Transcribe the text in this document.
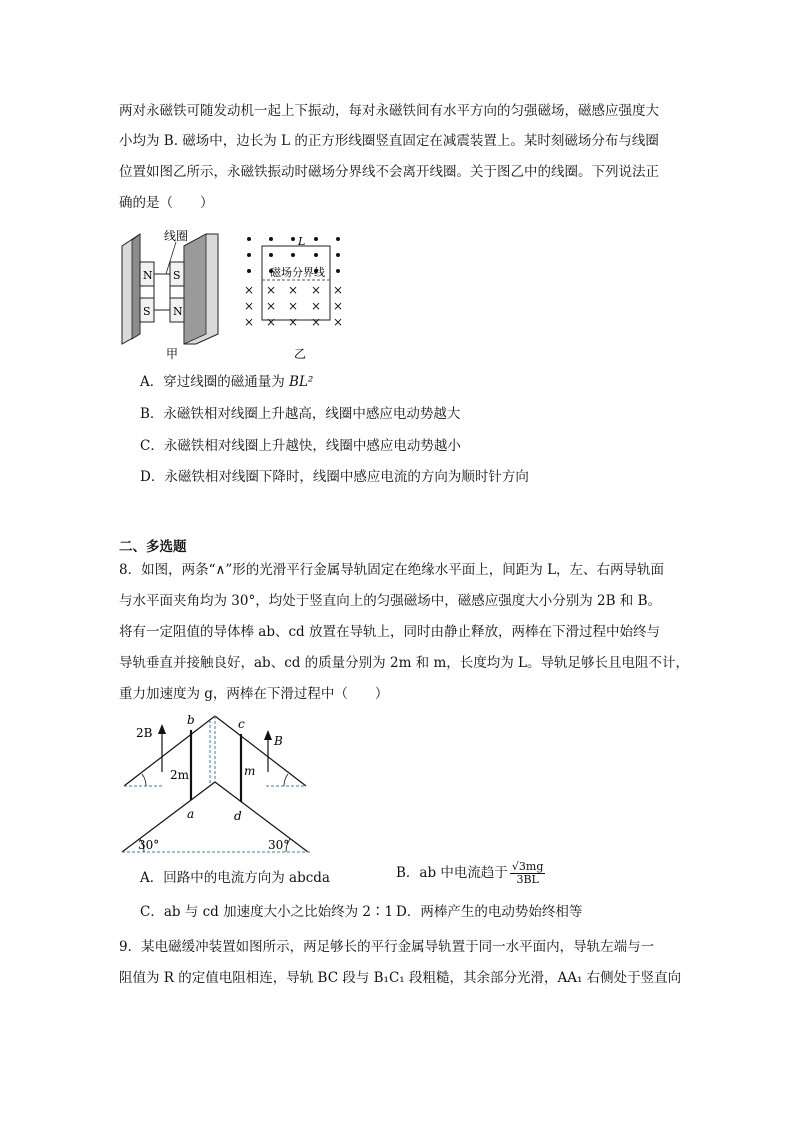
两对永磁铁可随发动机一起上下振动，每对永磁铁间有水平方向的匀强磁场，磁感应强度大
小均为 B. 磁场中，边长为 L 的正方形线圈竖直固定在减震装置上。某时刻磁场分布与线圈
位置如图乙所示，永磁铁振动时磁场分界线不会离开线圈。关于图乙中的线圈。下列说法正
确的是（　　）
线圈
N S
S N
甲
× × × × ×
× × × × ×
× × × × ×
L
磁场分界线
乙
A．穿过线圈的磁通量为 BL²
B．永磁铁相对线圈上升越高，线圈中感应电动势越大
C．永磁铁相对线圈上升越快，线圈中感应电动势越小
D．永磁铁相对线圈下降时，线圈中感应电流的方向为顺时针方向
二、多选题
8．如图，两条“∧”形的光滑平行金属导轨固定在绝缘水平面上，间距为 L，左、右两导轨面
与水平面夹角均为 30°，均处于竖直向上的匀强磁场中，磁感应强度大小分别为 2B 和 B。
将有一定阻值的导体棒 ab、cd 放置在导轨上，同时由静止释放，两棒在下滑过程中始终与
导轨垂直并接触良好，ab、cd 的质量分别为 2m 和 m，长度均为 L。导轨足够长且电阻不计，
重力加速度为 g，两棒在下滑过程中（　　）
2B
B
b	c
a	d
2m	m
30°	30°
A．回路中的电流方向为 abcda	B．ab 中电流趋于 $\frac{√3mg}{3BL}$
C．ab 与 cd 加速度大小之比始终为 2∶1 D．两棒产生的电动势始终相等
9．某电磁缓冲装置如图所示，两足够长的平行金属导轨置于同一水平面内，导轨左端与一
阻值为 R 的定值电阻相连，导轨 BC 段与 B₁C₁ 段粗糙，其余部分光滑，AA₁ 右侧处于竖直向
